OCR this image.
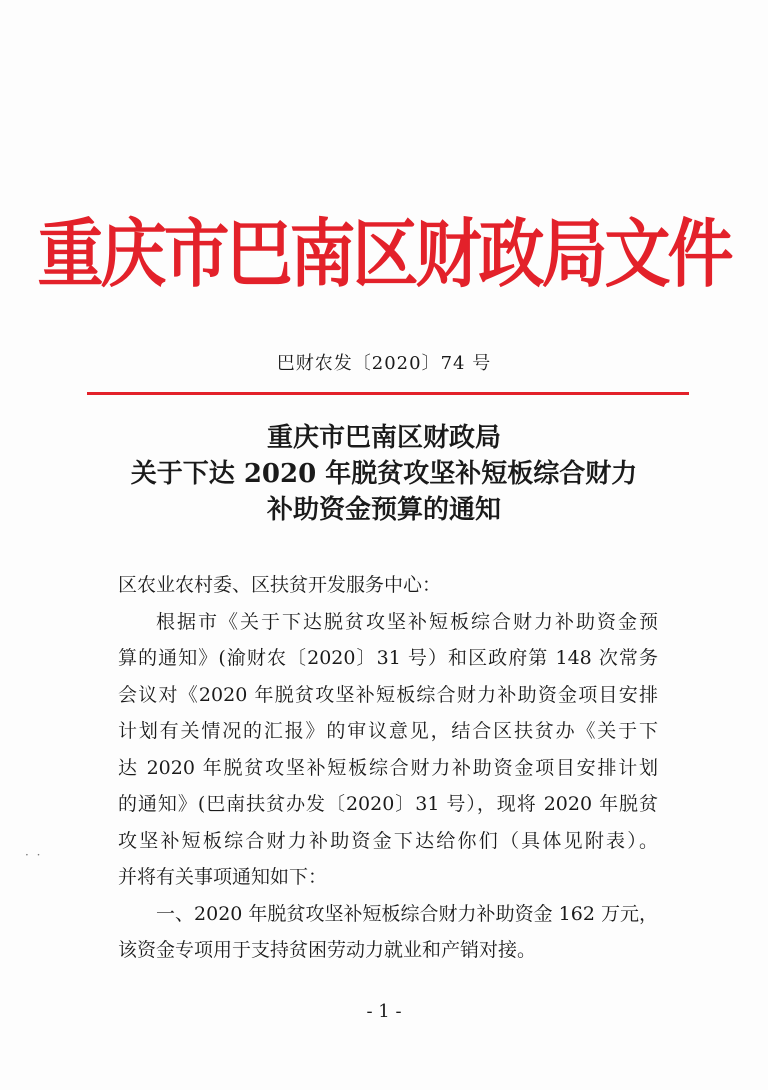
重庆市巴南区财政局文件
巴财农发〔2020〕74 号
重庆市巴南区财政局
关于下达 2020 年脱贫攻坚补短板综合财力
补助资金预算的通知

区农业农村委、区扶贫开发服务中心：

根据市《关于下达脱贫攻坚补短板综合财力补助资金预

算的通知》(渝财农〔2020〕31 号）和区政府第 148 次常务

会议对《2020 年脱贫攻坚补短板综合财力补助资金项目安排

计划有关情况的汇报》的审议意见，结合区扶贫办《关于下

达 2020 年脱贫攻坚补短板综合财力补助资金项目安排计划

的通知》(巴南扶贫办发〔2020〕31 号），现将 2020 年脱贫

攻坚补短板综合财力补助资金下达给你们（具体见附表）。

并将有关事项通知如下：

一、2020 年脱贫攻坚补短板综合财力补助资金 162 万元，

该资金专项用于支持贫困劳动力就业和产销对接。

· ·
- 1 -
